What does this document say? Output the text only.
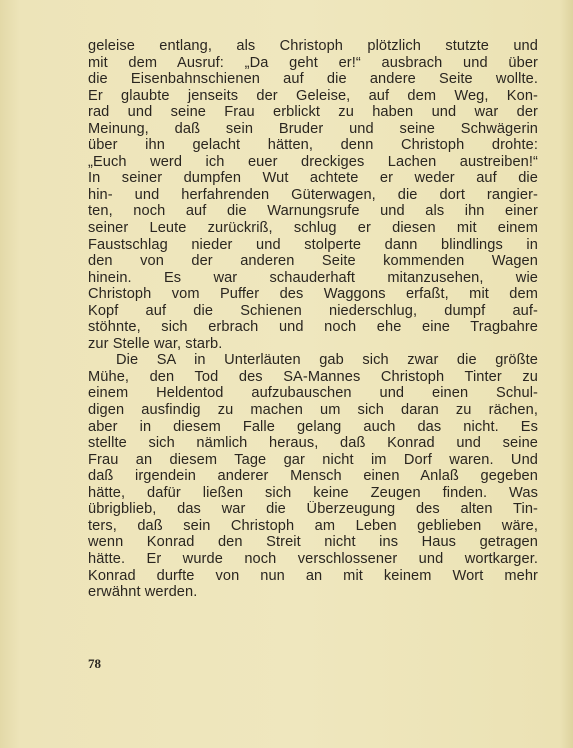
geleise entlang, als Christoph plötzlich stutzte und
mit dem Ausruf: „Da geht er!“ ausbrach und über
die Eisenbahnschienen auf die andere Seite wollte.
Er glaubte jenseits der Geleise, auf dem Weg, Kon-
rad und seine Frau erblickt zu haben und war der
Meinung, daß sein Bruder und seine Schwägerin
über ihn gelacht hätten, denn Christoph drohte:
„Euch werd ich euer dreckiges Lachen austreiben!“
In seiner dumpfen Wut achtete er weder auf die
hin- und herfahrenden Güterwagen, die dort rangier-
ten, noch auf die Warnungsrufe und als ihn einer
seiner Leute zurückriß, schlug er diesen mit einem
Faustschlag nieder und stolperte dann blindlings in
den von der anderen Seite kommenden Wagen
hinein. Es war schauderhaft mitanzusehen, wie
Christoph vom Puffer des Waggons erfaßt, mit dem
Kopf auf die Schienen niederschlug, dumpf auf-
stöhnte, sich erbrach und noch ehe eine Tragbahre
zur Stelle war, starb.
Die SA in Unterläuten gab sich zwar die größte
Mühe, den Tod des SA-Mannes Christoph Tinter zu
einem Heldentod aufzubauschen und einen Schul-
digen ausfindig zu machen um sich daran zu rächen,
aber in diesem Falle gelang auch das nicht. Es
stellte sich nämlich heraus, daß Konrad und seine
Frau an diesem Tage gar nicht im Dorf waren. Und
daß irgendein anderer Mensch einen Anlaß gegeben
hätte, dafür ließen sich keine Zeugen finden. Was
übrigblieb, das war die Überzeugung des alten Tin-
ters, daß sein Christoph am Leben geblieben wäre,
wenn Konrad den Streit nicht ins Haus getragen
hätte. Er wurde noch verschlossener und wortkarger.
Konrad durfte von nun an mit keinem Wort mehr
erwähnt werden.
78
